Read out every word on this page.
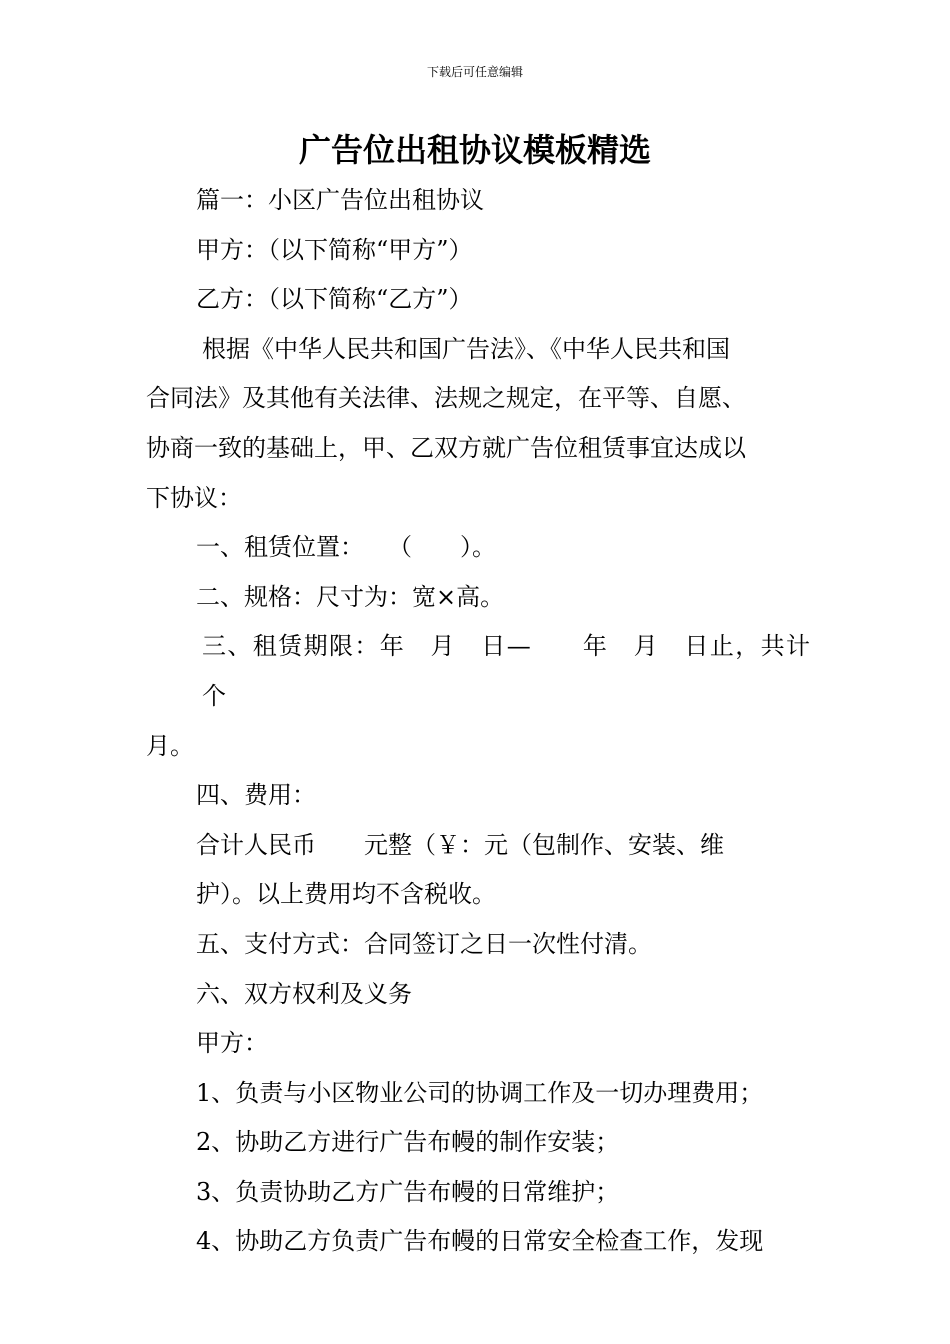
下载后可任意编辑
广告位出租协议模板精选

篇一：小区广告位出租协议

甲方：（以下简称“甲方”）

乙方：（以下简称“乙方”）

根据《中华人民共和国广告法》、《中华人民共和国

合同法》及其他有关法律、法规之规定，在平等、自愿、

协商一致的基础上，甲、乙双方就广告位租赁事宜达成以

下协议：

一、租赁位置：　　（　　）。

二、规格：尺寸为：宽×高。

三、租赁期限：年　月　日—　　年　月　日止，共计　个

月。

四、费用：

合计人民币　　元整（￥：元（包制作、安装、维

护）。以上费用均不含税收。

五、支付方式：合同签订之日一次性付清。

六、双方权利及义务

甲方：

1、负责与小区物业公司的协调工作及一切办理费用；

2、协助乙方进行广告布幔的制作安装；

3、负责协助乙方广告布幔的日常维护；

4、协助乙方负责广告布幔的日常安全检查工作，发现
